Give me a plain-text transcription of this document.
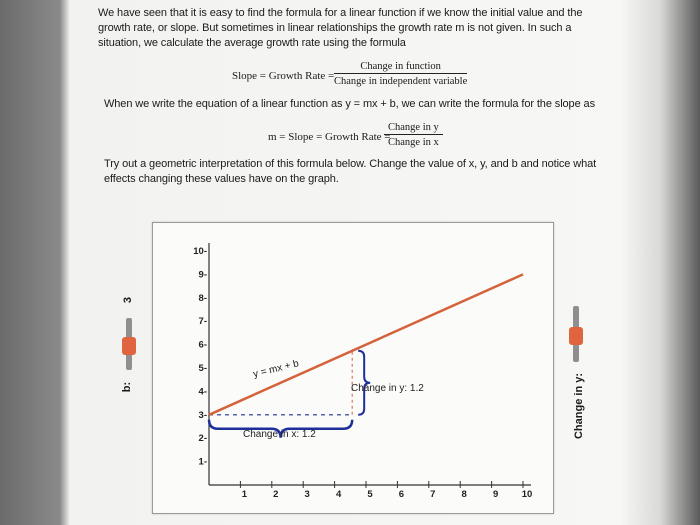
We have seen that it is easy to find the formula for a linear function if we know the initial value and the
growth rate, or slope. But sometimes in linear relationships the growth rate m is not given. In such a
situation, we calculate the average growth rate using the formula
Slope = Growth Rate =
Change in function
Change in independent variable
When we write the equation of a linear function as y = mx + b, we can write the formula for the slope as
m = Slope = Growth Rate =
Change in y
Change in x
Try out a geometric interpretation of this formula below. Change the value of x, y, and b and notice what
effects changing these values have on the graph.
1	2	3	4	5	6	7	8	9 10
1-
2-
3-
4-
5-
6-
7-
8-
9-
10-
y = mx + b
Change in x: 1.2
Change in y: 1.2
b:
3
Change in y:
